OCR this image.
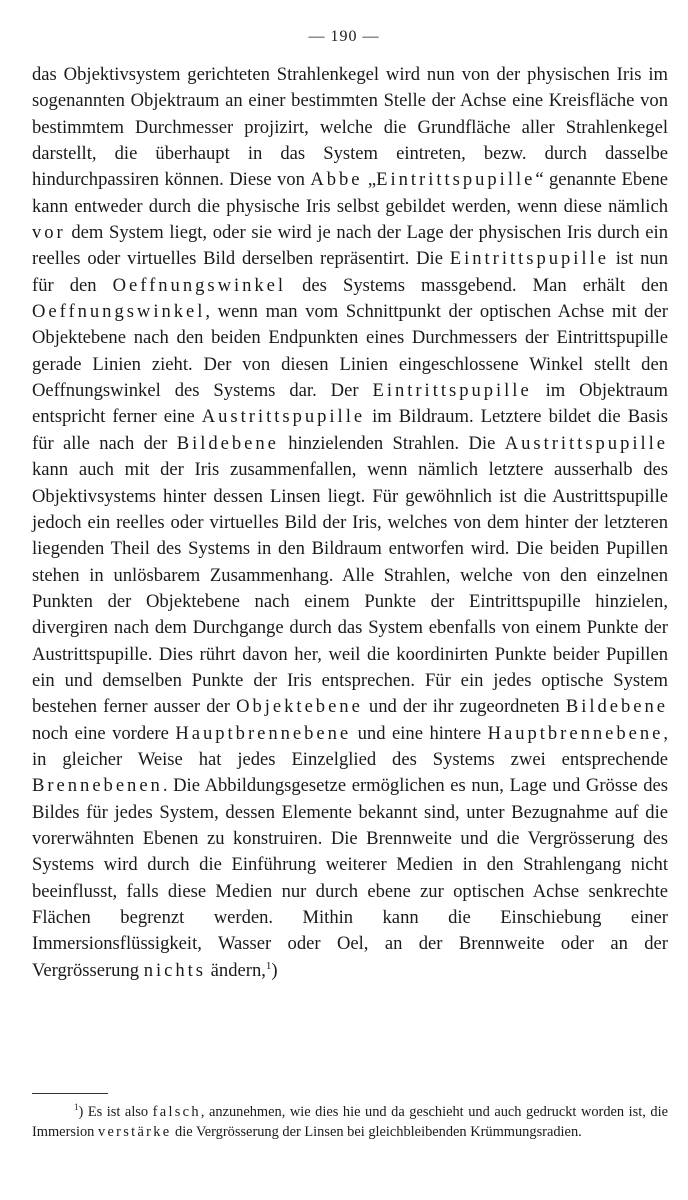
— 190 —

das Objektivsystem gerichteten Strahlenkegel wird nun von der physischen Iris im sogenannten Objektraum an einer bestimmten Stelle der Achse eine Kreisfläche von bestimmtem Durchmesser projizirt, welche die Grundfläche aller Strahlenkegel darstellt, die überhaupt in das System eintreten, bezw. durch dasselbe hindurchpassiren können. Diese von Abbe „Eintrittspupille“ genannte Ebene kann entweder durch die physische Iris selbst gebildet werden, wenn diese nämlich vor dem System liegt, oder sie wird je nach der Lage der physischen Iris durch ein reelles oder virtuelles Bild derselben repräsentirt. Die Eintrittspupille ist nun für den Oeffnungswinkel des Systems massgebend. Man erhält den Oeffnungswinkel, wenn man vom Schnittpunkt der optischen Achse mit der Objektebene nach den beiden Endpunkten eines Durchmessers der Eintrittspupille gerade Linien zieht. Der von diesen Linien eingeschlossene Winkel stellt den Oeffnungswinkel des Systems dar. Der Eintrittspupille im Objektraum entspricht ferner eine Austrittspupille im Bildraum. Letztere bildet die Basis für alle nach der Bildebene hinzielenden Strahlen. Die Austrittspupille kann auch mit der Iris zusammenfallen, wenn nämlich letztere ausserhalb des Objektivsystems hinter dessen Linsen liegt. Für gewöhnlich ist die Austrittspupille jedoch ein reelles oder virtuelles Bild der Iris, welches von dem hinter der letzteren liegenden Theil des Systems in den Bildraum entworfen wird. Die beiden Pupillen stehen in unlösbarem Zusammenhang. Alle Strahlen, welche von den einzelnen Punkten der Objektebene nach einem Punkte der Eintrittspupille hinzielen, divergiren nach dem Durchgange durch das System ebenfalls von einem Punkte der Austrittspupille. Dies rührt davon her, weil die koordinirten Punkte beider Pupillen ein und demselben Punkte der Iris entsprechen. Für ein jedes optische System bestehen ferner ausser der Objektebene und der ihr zugeordneten Bildebene noch eine vordere Hauptbrennebene und eine hintere Hauptbrennebene, in gleicher Weise hat jedes Einzelglied des Systems zwei entsprechende Brennebenen. Die Abbildungsgesetze ermöglichen es nun, Lage und Grösse des Bildes für jedes System, dessen Elemente bekannt sind, unter Bezugnahme auf die vorerwähnten Ebenen zu konstruiren. Die Brennweite und die Vergrösserung des Systems wird durch die Einführung weiterer Medien in den Strahlengang nicht beeinflusst, falls diese Medien nur durch ebene zur optischen Achse senkrechte Flächen begrenzt werden. Mithin kann die Einschiebung einer Immersionsflüssigkeit, Wasser oder Oel, an der Brennweite oder an der Vergrösserung nichts ändern,$^1$)

$^1$) Es ist also falsch, anzunehmen, wie dies hie und da geschieht und auch gedruckt worden ist, die Immersion verstärke die Vergrösserung der Linsen bei gleichbleibenden Krümmungsradien.
